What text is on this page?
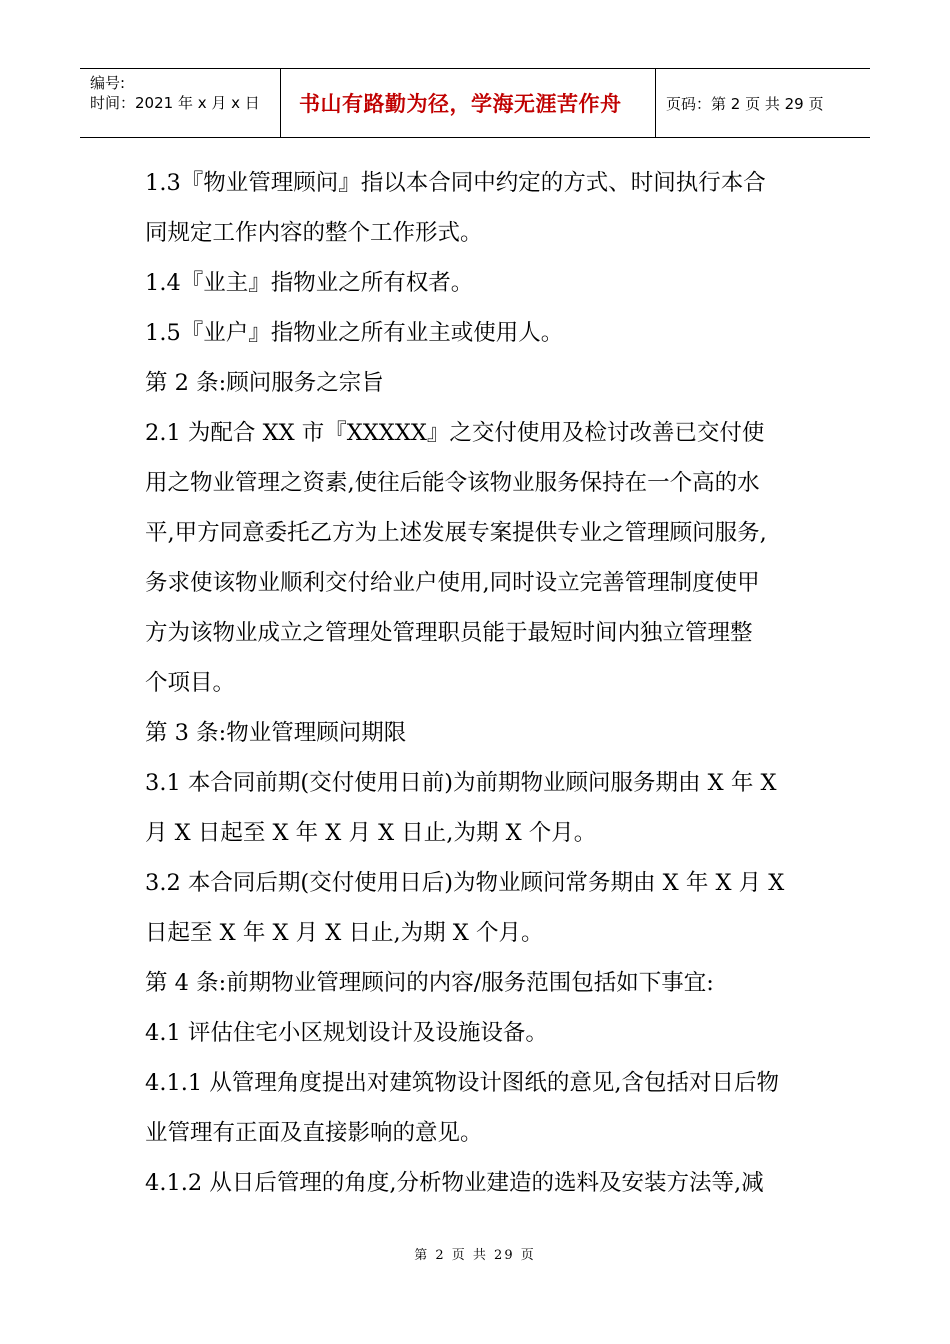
编号:
时间：2021 年 x 月 x 日	书山有路勤为径，学海无涯苦作舟	页码：第 2 页 共 29 页

1.3『物业管理顾问』指以本合同中约定的方式、时间执行本合

同规定工作内容的整个工作形式。

1.4『业主』指物业之所有权者。

1.5『业户』指物业之所有业主或使用人。

第 2 条:顾问服务之宗旨

2.1 为配合 XX 市『XXXXX』之交付使用及检讨改善已交付使

用之物业管理之资素,使往后能令该物业服务保持在一个高的水

平,甲方同意委托乙方为上述发展专案提供专业之管理顾问服务,

务求使该物业顺利交付给业户使用,同时设立完善管理制度使甲

方为该物业成立之管理处管理职员能于最短时间内独立管理整

个项目。

第 3 条:物业管理顾问期限

3.1 本合同前期(交付使用日前)为前期物业顾问服务期由 X 年 X

月 X 日起至 X 年 X 月 X 日止,为期 X 个月。

3.2 本合同后期(交付使用日后)为物业顾问常务期由 X 年 X 月 X

日起至 X 年 X 月 X 日止,为期 X 个月。

第 4 条:前期物业管理顾问的内容/服务范围包括如下事宜:

4.1 评估住宅小区规划设计及设施设备。

4.1.1 从管理角度提出对建筑物设计图纸的意见,含包括对日后物

业管理有正面及直接影响的意见。

4.1.2 从日后管理的角度,分析物业建造的选料及安装方法等,减

第 2 页 共 29 页
